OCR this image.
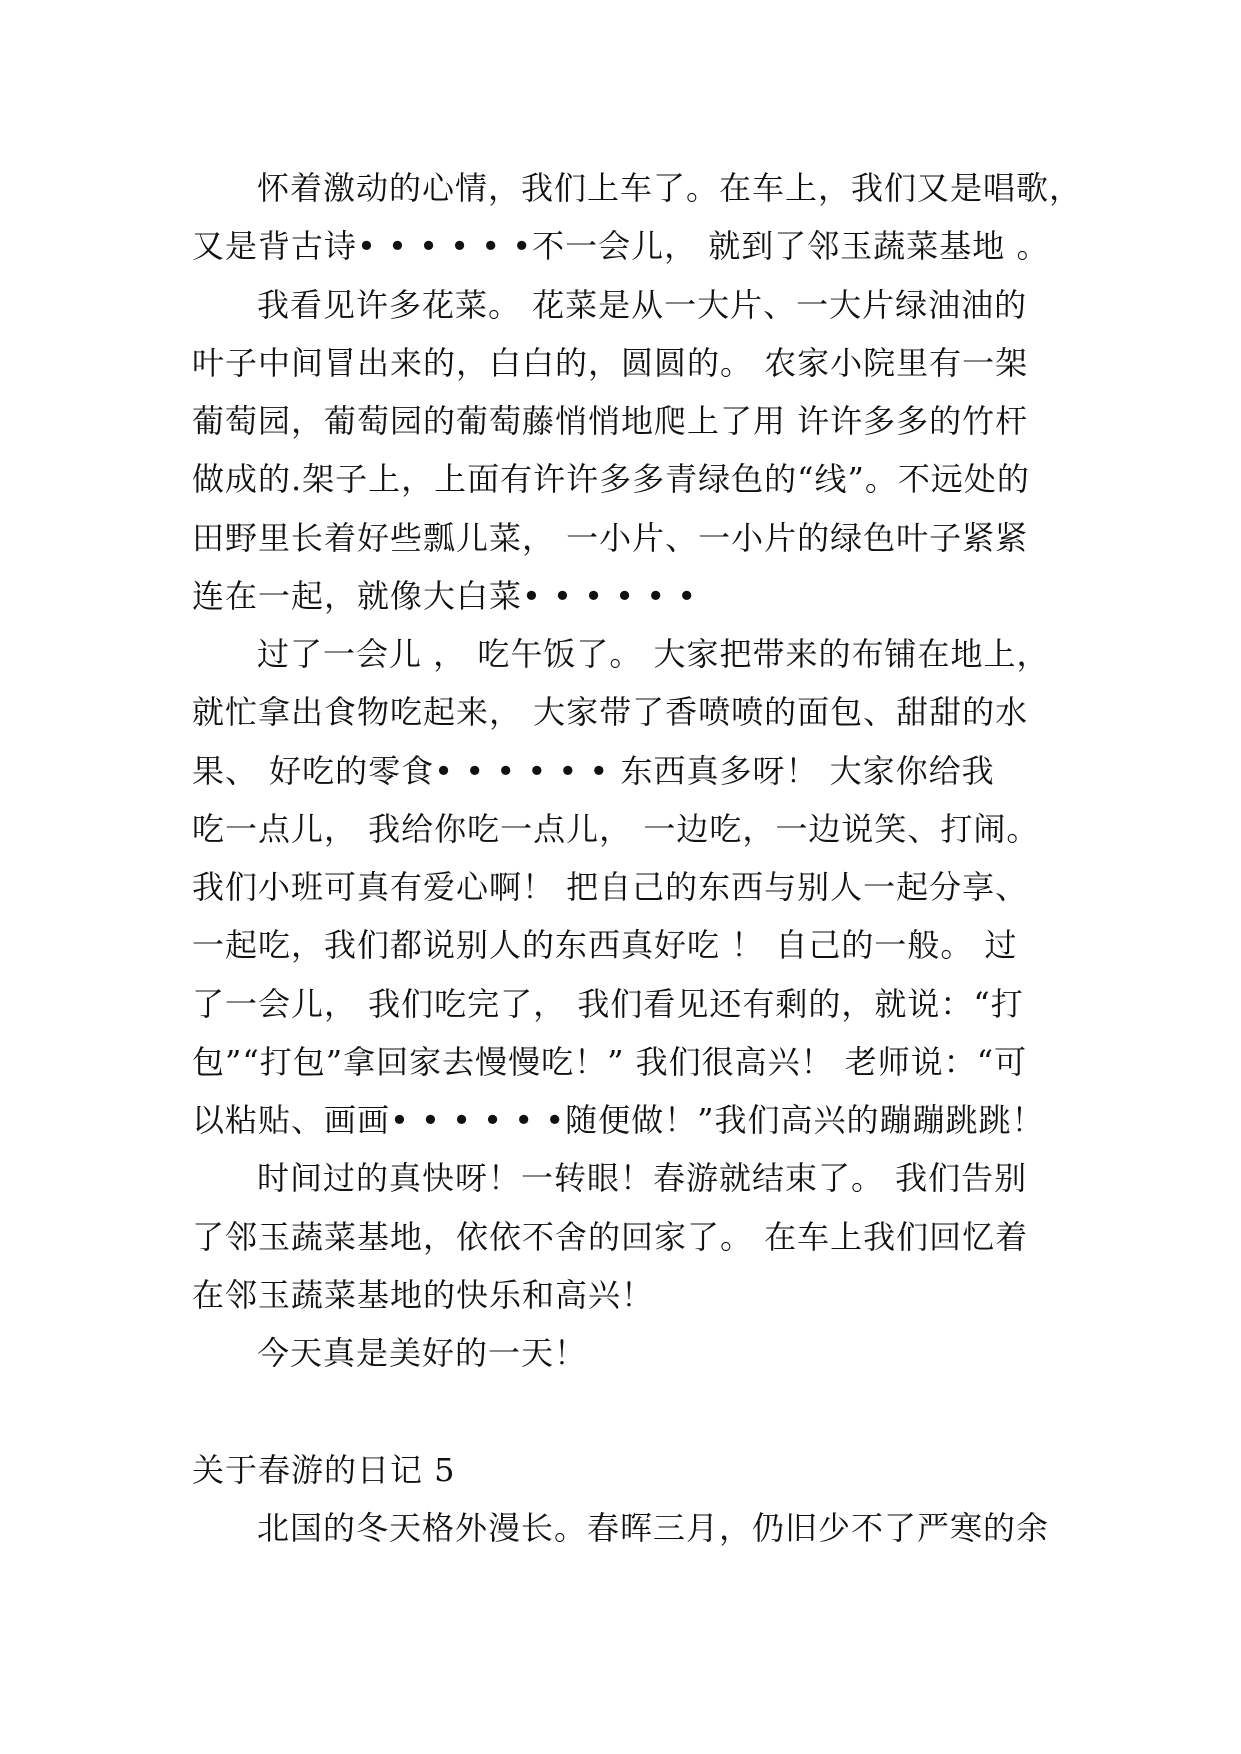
怀着激动的心情，我们上车了。在车上，我们又是唱歌，
又是背古诗• • • • • •不一会儿， 就到了邻玉蔬菜基地 。
我看见许多花菜。 花菜是从一大片、一大片绿油油的
叶子中间冒出来的，白白的，圆圆的。 农家小院里有一架
葡萄园，葡萄园的葡萄藤悄悄地爬上了用 许许多多的竹杆
做成的.架子上，上面有许许多多青绿色的“线”。不远处的
田野里长着好些瓢儿菜， 一小片、一小片的绿色叶子紧紧
连在一起，就像大白菜• • • • • •
过了一会儿 ， 吃午饭了。 大家把带来的布铺在地上，
就忙拿出食物吃起来， 大家带了香喷喷的面包、甜甜的水
果、 好吃的零食• • • • • • 东西真多呀！ 大家你给我
吃一点儿， 我给你吃一点儿， 一边吃，一边说笑、打闹。
我们小班可真有爱心啊！ 把自己的东西与别人一起分享、
一起吃，我们都说别人的东西真好吃 ！ 自己的一般。 过
了一会儿， 我们吃完了， 我们看见还有剩的，就说：“打
包”“打包”拿回家去慢慢吃！” 我们很高兴！ 老师说：“可
以粘贴、画画• • • • • •随便做！”我们高兴的蹦蹦跳跳！
时间过的真快呀！一转眼！春游就结束了。 我们告别
了邻玉蔬菜基地，依依不舍的回家了。 在车上我们回忆着
在邻玉蔬菜基地的快乐和高兴！
今天真是美好的一天！
关于春游的日记 5
北国的冬天格外漫长。春晖三月，仍旧少不了严寒的余
